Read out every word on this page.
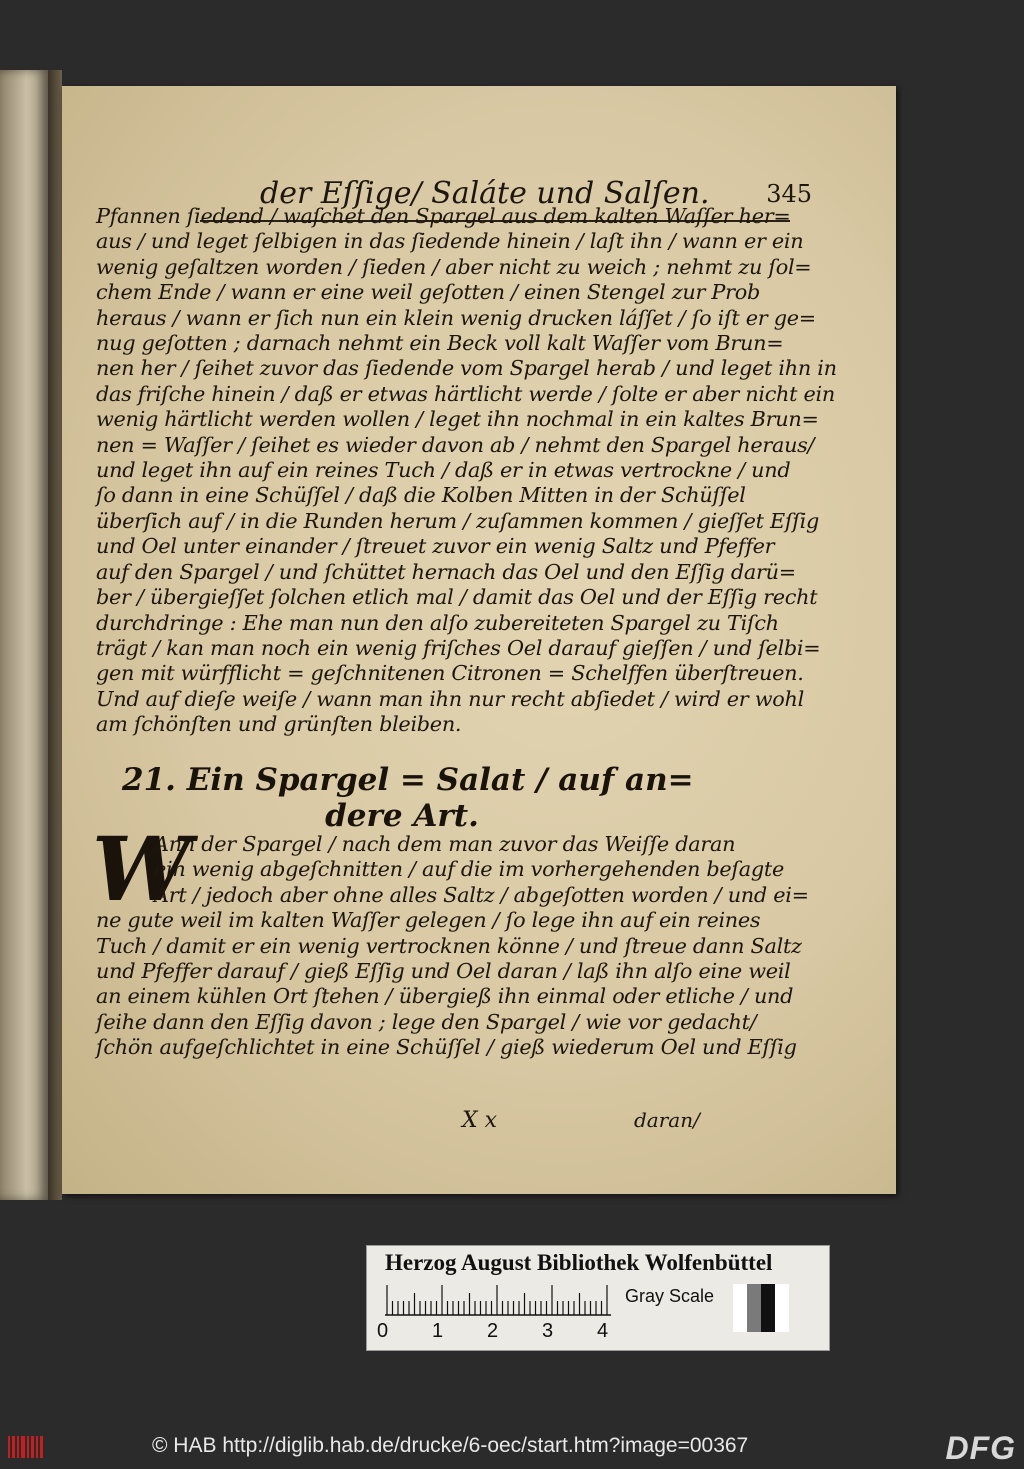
der Eſſige/ Saláte und Salſen. 345
Pfannen ſiedend / waſchet den Spargel aus dem kalten Waſſer her=
aus / und leget ſelbigen in das ſiedende hinein / laſt ihn / wann er ein
wenig geſaltzen worden / ſieden / aber nicht zu weich ; nehmt zu ſol=
chem Ende / wann er eine weil geſotten / einen Stengel zur Prob
heraus / wann er ſich nun ein klein wenig drucken láſſet / ſo iſt er ge=
nug geſotten ; darnach nehmt ein Beck voll kalt Waſſer vom Brun=
nen her / ſeihet zuvor das ſiedende vom Spargel herab / und leget ihn in
das friſche hinein / daß er etwas härtlicht werde / ſolte er aber nicht ein
wenig härtlicht werden wollen / leget ihn nochmal in ein kaltes Brun=
nen = Waſſer / ſeihet es wieder davon ab / nehmt den Spargel heraus/
und leget ihn auf ein reines Tuch / daß er in etwas vertrockne / und
ſo dann in eine Schüſſel / daß die Kolben Mitten in der Schüſſel
überſich auf / in die Runden herum / zuſammen kommen / gieſſet Eſſig
und Oel unter einander / ſtreuet zuvor ein wenig Saltz und Pfeffer
auf den Spargel / und ſchüttet hernach das Oel und den Eſſig darü=
ber / übergieſſet ſolchen etlich mal / damit das Oel und der Eſſig recht
durchdringe : Ehe man nun den alſo zubereiteten Spargel zu Tiſch
trägt / kan man noch ein wenig friſches Oel darauf gieſſen / und ſelbi=
gen mit würfflicht = geſchnitenen Citronen = Schelffen überſtreuen.
Und auf dieſe weiſe / wann man ihn nur recht abſiedet / wird er wohl
am ſchönſten und grünſten bleiben.
21. Ein Spargel = Salat / auf an=
dere Art.
W
Ann der Spargel / nach dem man zuvor das Weiſſe daran
ein wenig abgeſchnitten / auf die im vorhergehenden beſagte
Art / jedoch aber ohne alles Saltz / abgeſotten worden / und ei=
ne gute weil im kalten Waſſer gelegen / ſo lege ihn auf ein reines
Tuch / damit er ein wenig vertrocknen könne / und ſtreue dann Saltz
und Pfeffer darauf / gieß Eſſig und Oel daran / laß ihn alſo eine weil
an einem kühlen Ort ſtehen / übergieß ihn einmal oder etliche / und
ſeihe dann den Eſſig davon ; lege den Spargel / wie vor gedacht/
ſchön aufgeſchlichtet in eine Schüſſel / gieß wiederum Oel und Eſſig
X x	daran/
Herzog August Bibliothek Wolfenbüttel
0 1 2 3 4
Gray Scale
© HAB http://diglib.hab.de/drucke/6-oec/start.htm?image=00367	DFG
